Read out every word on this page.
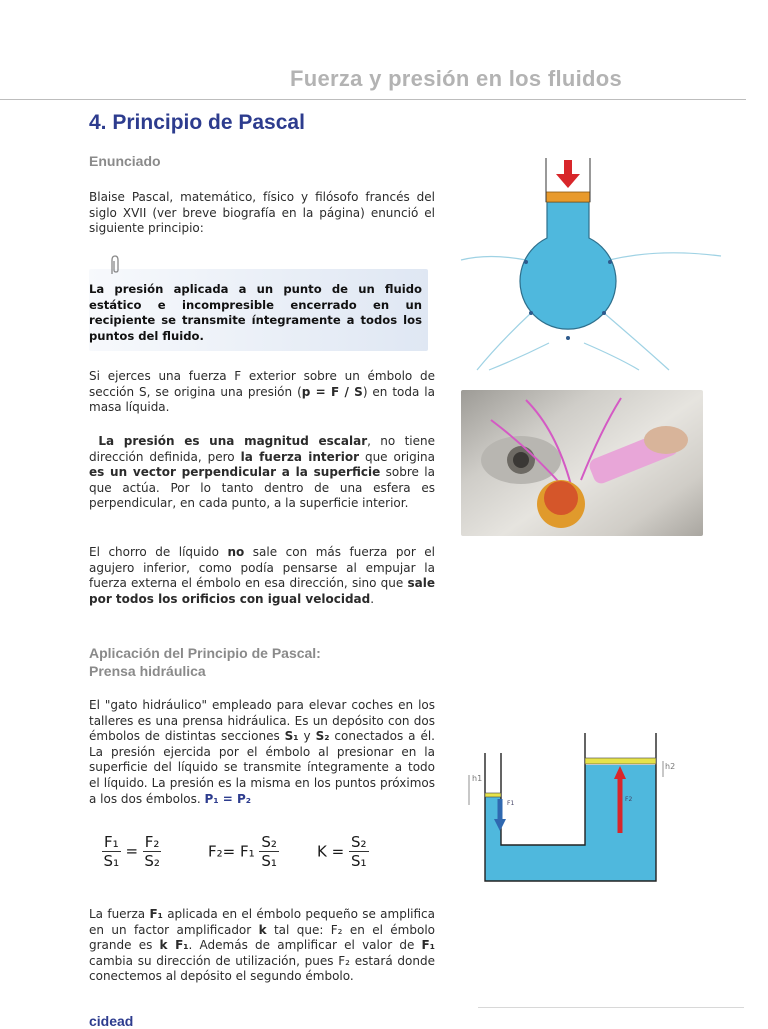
Fuerza y presión en los fluidos
4. Principio de Pascal
Enunciado
Blaise Pascal, matemático, físico y filósofo francés del siglo XVII (ver breve biografía en la página) enunció el siguiente principio:
La presión aplicada a un punto de un fluido estático e incompresible encerrado en un recipiente se transmite íntegramente a todos los puntos del fluido.
Si ejerces una fuerza F exterior sobre un émbolo de sección S, se origina una presión (p = F / S) en toda la masa líquida.
La presión es una magnitud escalar, no tiene dirección definida, pero la fuerza interior que origina es un vector perpendicular a la superficie sobre la que actúa. Por lo tanto dentro de una esfera es perpendicular, en cada punto, a la superficie interior.
El chorro de líquido no sale con más fuerza por el agujero inferior, como podía pensarse al empujar la fuerza externa el émbolo en esa dirección, sino que sale por todos los orificios con igual velocidad.
Aplicación del Principio de Pascal:
Prensa hidráulica
El "gato hidráulico" empleado para elevar coches en los talleres es una prensa hidráulica. Es un depósito con dos émbolos de distintas secciones S₁ y S₂ conectados a él. La presión ejercida por el émbolo al presionar en la superficie del líquido se transmite íntegramente a todo el líquido. La presión es la misma en los puntos próximos a los dos émbolos. P₁ = P₂
$\frac{\text{F₁}}{\text{S₁}} = \frac{\text{F₂}}{\text{S₂}}$	$F_2= F_1 \frac{\text{S₂}}{\text{S₁}}$	$K = \frac{\text{S₂}}{\text{S₁}}$
La fuerza F₁ aplicada en el émbolo pequeño se amplifica en un factor amplificador k tal que: F₂ en el émbolo grande es k F₁. Además de amplificar el valor de F₁ cambia su dirección de utilización, pues F₂ estará donde conectemos al depósito el segundo émbolo.
h1
h2
F1
F2
cidead
